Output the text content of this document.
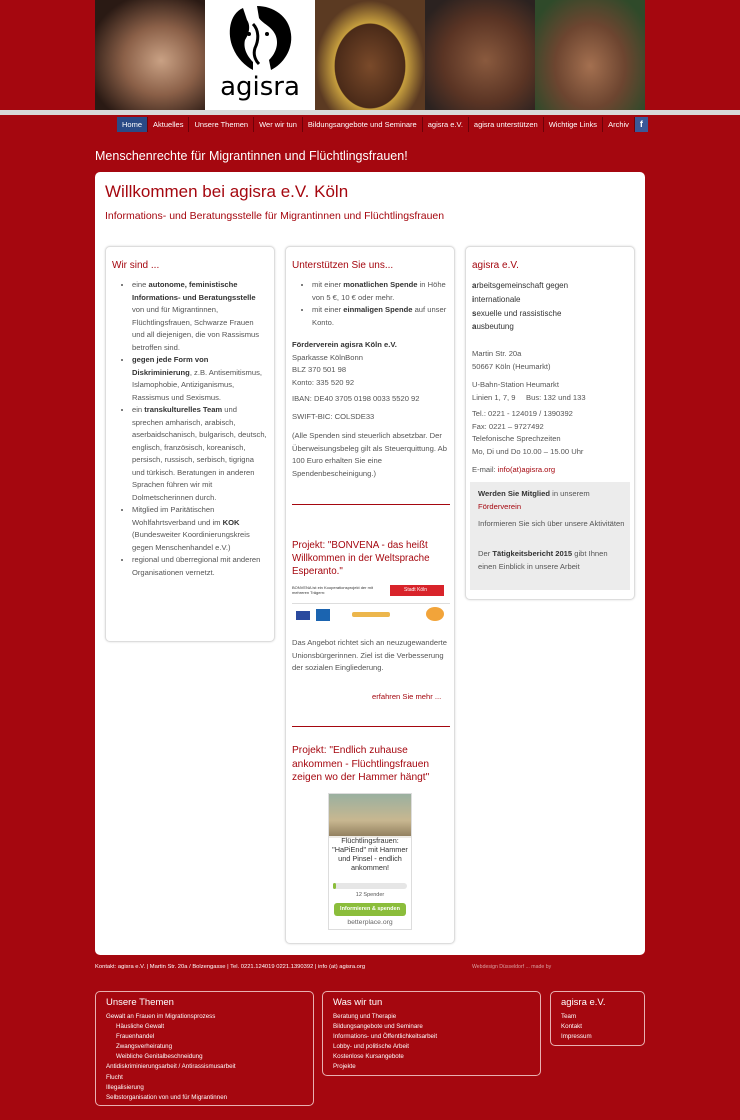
agisra
Home	Aktuelles	Unsere Themen	Wer wir tun	Bildungsangebote und Seminare	agisra e.V.	agisra unterstützen	Wichtige Links	Archiv	f
Menschenrechte für Migrantinnen und Flüchtlingsfrauen!
Willkommen bei agisra e.V. Köln
Informations- und Beratungsstelle für Migrantinnen und Flüchtlingsfrauen
Wir sind ...
• eine autonome, feministische Informations- und Beratungsstelle von und für Migrantinnen, Flüchtlingsfrauen, Schwarze Frauen und all diejenigen, die von Rassismus betroffen sind.
• gegen jede Form von Diskriminierung, z.B. Antisemitismus, Islamophobie, Antiziganismus, Rassismus und Sexismus.
• ein transkulturelles Team und sprechen amharisch, arabisch, aserbaidschanisch, bulgarisch, deutsch, englisch, französisch, koreanisch, persisch, russisch, serbisch, tigrigna und türkisch. Beratungen in anderen Sprachen führen wir mit Dolmetscherinnen durch.
• Mitglied im Paritätischen Wohlfahrtsverband und im KOK (Bundesweiter Koordinierungskreis gegen Menschenhandel e.V.)
• regional und überregional mit anderen Organisationen vernetzt.
Unterstützen Sie uns...
• mit einer monatlichen Spende in Höhe von 5 €, 10 € oder mehr.
• mit einer einmaligen Spende auf unser Konto.
Förderverein agisra Köln e.V.
Sparkasse KölnBonn
BLZ 370 501 98
Konto: 335 520 92
IBAN: DE40 3705 0198 0033 5520 92
SWIFT-BIC: COLSDE33
(Alle Spenden sind steuerlich absetzbar. Der Überweisungsbeleg gilt als Steuerquittung. Ab 100 Euro erhalten Sie eine Spendenbescheinigung.)
Projekt: "BONVENA - das heißt Willkommen in der Weltsprache Esperanto."
BONVENA ist ein Kooperationsprojekt der mit mehreren Trägern:	Stadt Köln
Das Angebot richtet sich an neuzugewanderte Unionsbürgerinnen. Ziel ist die Verbesserung der sozialen Eingliederung.
erfahren Sie mehr ...
Projekt: "Endlich zuhause ankommen - Flüchtlingsfrauen zeigen wo der Hammer hängt"
Flüchtlingsfrauen: "HaPiEnd" mit Hammer und Pinsel - endlich ankommen!
12 Spender
Informieren & spenden
betterplace.org
agisra e.V.
arbeitsgemeinschaft gegen
internationale
sexuelle und rassistische
ausbeutung
Martin Str. 20a
50667 Köln (Heumarkt)
U-Bahn-Station Heumarkt
Linien 1, 7, 9     Bus: 132 und 133
Tel.: 0221 - 124019 / 1390392
Fax: 0221 – 9727492
Telefonische Sprechzeiten
Mo, Di und Do 10.00 – 15.00 Uhr
E-mail: info(at)agisra.org
Werden Sie Mitglied in unserem
Förderverein
Informieren Sie sich über unsere Aktivitäten
Der Tätigkeitsbericht 2015 gibt Ihnen einen Einblick in unsere Arbeit
Kontakt: agisra e.V. | Martin Str. 20a / Bolzengasse | Tel. 0221.124019 0221.1390392 | info (at) agisra.org	Webdesign Düsseldorf ... made by
Unsere Themen
Gewalt an Frauen im Migrationsprozess
Häusliche Gewalt
Frauenhandel
Zwangsverheiratung
Weibliche Genitalbeschneidung
Antidiskriminierungsarbeit / Antirassismusarbeit
Flucht
Illegalisierung
Selbstorganisation von und für Migrantinnen
Was wir tun
Beratung und Therapie
Bildungsangebote und Seminare
Informations- und Öffentlichkeitsarbeit
Lobby- und politische Arbeit
Kostenlose Kursangebote
Projekte
agisra e.V.
Team
Kontakt
Impressum
